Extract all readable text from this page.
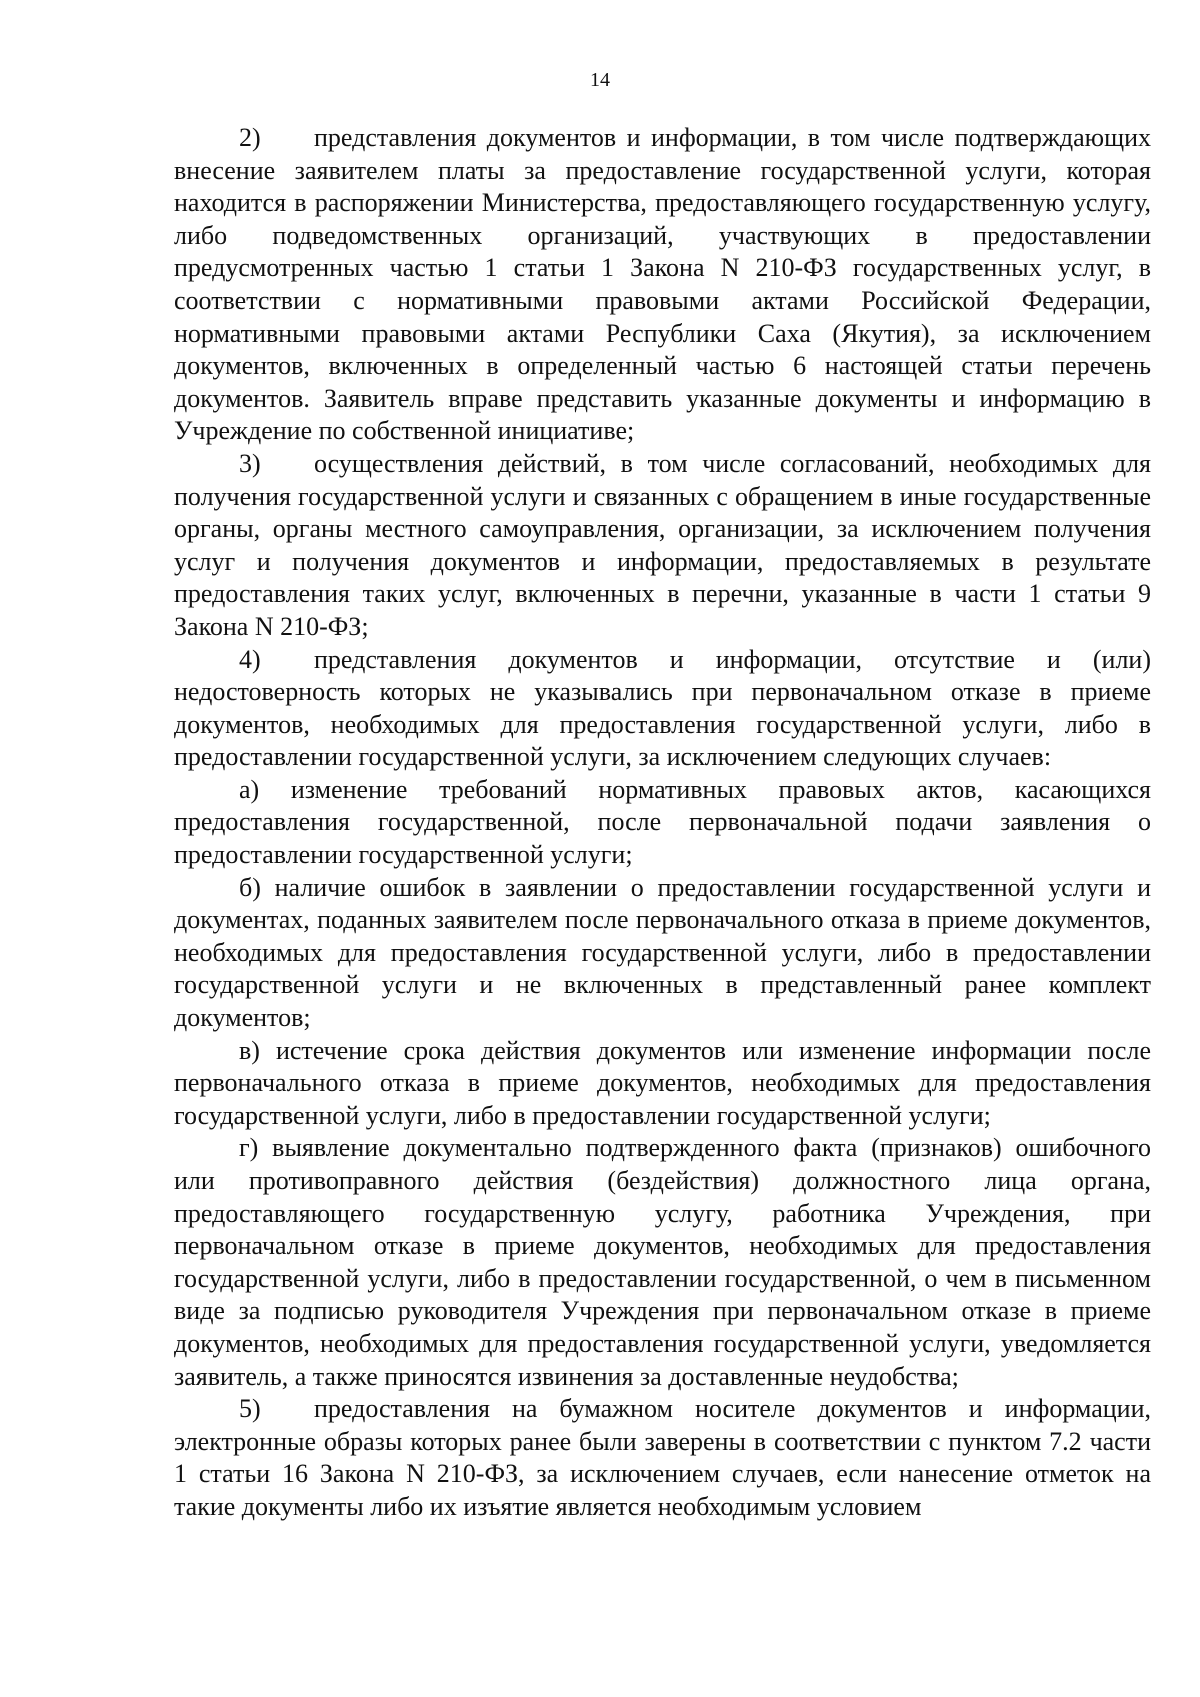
14

2) представления документов и информации, в том числе подтверждающих внесение заявителем платы за предоставление государственной услуги, которая находится в распоряжении Министерства, предоставляющего государственную услугу, либо подведомственных организаций, участвующих в предоставлении предусмотренных частью 1 статьи 1 Закона N 210-ФЗ государственных услуг, в соответствии с нормативными правовыми актами Российской Федерации, нормативными правовыми актами Республики Саха (Якутия), за исключением документов, включенных в определенный частью 6 настоящей статьи перечень документов. Заявитель вправе представить указанные документы и информацию в Учреждение по собственной инициативе;

3) осуществления действий, в том числе согласований, необходимых для получения государственной услуги и связанных с обращением в иные государственные органы, органы местного самоуправления, организации, за исключением получения услуг и получения документов и информации, предоставляемых в результате предоставления таких услуг, включенных в перечни, указанные в части 1 статьи 9 Закона N 210-ФЗ;

4) представления документов и информации, отсутствие и (или) недостоверность которых не указывались при первоначальном отказе в приеме документов, необходимых для предоставления государственной услуги, либо в предоставлении государственной услуги, за исключением следующих случаев:

а) изменение требований нормативных правовых актов, касающихся предоставления государственной, после первоначальной подачи заявления о предоставлении государственной услуги;

б) наличие ошибок в заявлении о предоставлении государственной услуги и документах, поданных заявителем после первоначального отказа в приеме документов, необходимых для предоставления государственной услуги, либо в предоставлении государственной услуги и не включенных в представленный ранее комплект документов;

в) истечение срока действия документов или изменение информации после первоначального отказа в приеме документов, необходимых для предоставления государственной услуги, либо в предоставлении государственной услуги;

г) выявление документально подтвержденного факта (признаков) ошибочного или противоправного действия (бездействия) должностного лица органа, предоставляющего государственную услугу, работника Учреждения, при первоначальном отказе в приеме документов, необходимых для предоставления государственной услуги, либо в предоставлении государственной, о чем в письменном виде за подписью руководителя Учреждения при первоначальном отказе в приеме документов, необходимых для предоставления государственной услуги, уведомляется заявитель, а также приносятся извинения за доставленные неудобства;

5) предоставления на бумажном носителе документов и информации, электронные образы которых ранее были заверены в соответствии с пунктом 7.2 части 1 статьи 16 Закона N 210-ФЗ, за исключением случаев, если нанесение отметок на такие документы либо их изъятие является необходимым условием
